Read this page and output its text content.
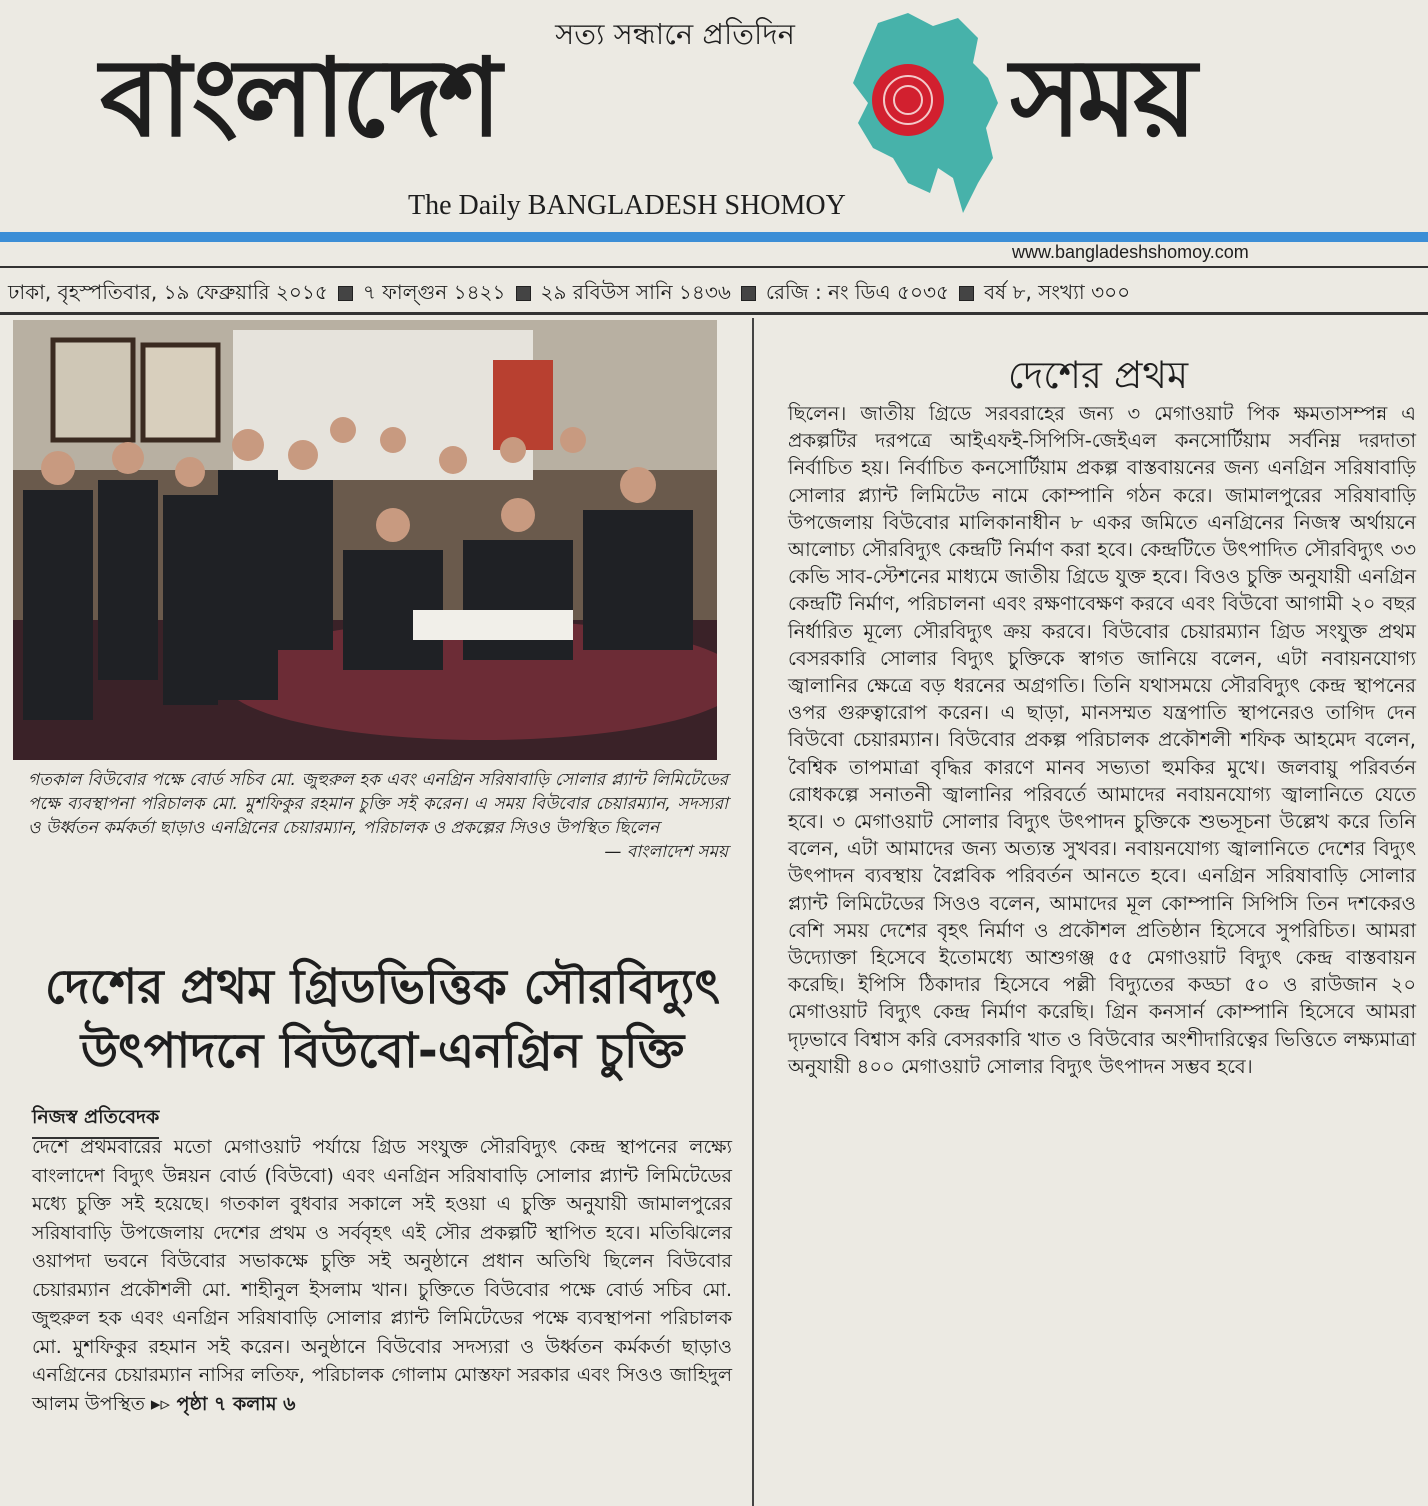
সত্য সন্ধানে প্রতিদিন
বাংলাদেশ	সময়
The Daily BANGLADESH SHOMOY
www.bangladeshshomoy.com
ঢাকা, বৃহস্পতিবার, ১৯ ফেব্রুয়ারি ২০১৫ ৭ ফাল্গুন ১৪২১ ২৯ রবিউস সানি ১৪৩৬ রেজি : নং ডিএ ৫০৩৫ বর্ষ ৮, সংখ্যা ৩০০
গতকাল বিউবোর পক্ষে বোর্ড সচিব মো. জুহুরুল হক এবং এনগ্রিন সরিষাবাড়ি সোলার প্ল্যান্ট লিমিটেডের পক্ষে ব্যবস্থাপনা পরিচালক মো. মুশফিকুর রহমান চুক্তি সই করেন। এ সময় বিউবোর চেয়ারম্যান, সদস্যরা ও উর্ধ্বতন কর্মকর্তা ছাড়াও এনগ্রিনের চেয়ারম্যান, পরিচালক ও প্রকল্পের সিওও উপস্থিত ছিলেন
— বাংলাদেশ সময়
দেশের প্রথম গ্রিডভিত্তিক সৌরবিদ্যুৎ
উৎপাদনে বিউবো-এনগ্রিন চুক্তি
নিজস্ব প্রতিবেদক
দেশে প্রথমবারের মতো মেগাওয়াট পর্যায়ে গ্রিড সংযুক্ত সৌরবিদ্যুৎ কেন্দ্র স্থাপনের লক্ষ্যে বাংলাদেশ বিদ্যুৎ উন্নয়ন বোর্ড (বিউবো) এবং এনগ্রিন সরিষাবাড়ি সোলার প্ল্যান্ট লিমিটেডের মধ্যে চুক্তি সই হয়েছে। গতকাল বুধবার সকালে সই হওয়া এ চুক্তি অনুযায়ী জামালপুরের সরিষাবাড়ি উপজেলায় দেশের প্রথম ও সর্ববৃহৎ এই সৌর প্রকল্পটি স্থাপিত হবে। মতিঝিলের ওয়াপদা ভবনে বিউবোর সভাকক্ষে চুক্তি সই অনুষ্ঠানে প্রধান অতিথি ছিলেন বিউবোর চেয়ারম্যান প্রকৌশলী মো. শাহীনুল ইসলাম খান। চুক্তিতে বিউবোর পক্ষে বোর্ড সচিব মো. জুহুরুল হক এবং এনগ্রিন সরিষাবাড়ি সোলার প্ল্যান্ট লিমিটেডের পক্ষে ব্যবস্থাপনা পরিচালক মো. মুশফিকুর রহমান সই করেন। অনুষ্ঠানে বিউবোর সদস্যরা ও উর্ধ্বতন কর্মকর্তা ছাড়াও এনগ্রিনের চেয়ারম্যান নাসির লতিফ, পরিচালক গোলাম মোস্তফা সরকার এবং সিওও জাহিদুল আলম উপস্থিত ▸▹ পৃষ্ঠা ৭ কলাম ৬
দেশের প্রথম
ছিলেন। জাতীয় গ্রিডে সরবরাহের জন্য ৩ মেগাওয়াট পিক ক্ষমতাসম্পন্ন এ প্রকল্পটির দরপত্রে আইএফই-সিপিসি-জেইএল কনসোর্টিয়াম সর্বনিম্ন দরদাতা নির্বাচিত হয়। নির্বাচিত কনসোর্টিয়াম প্রকল্প বাস্তবায়নের জন্য এনগ্রিন সরিষাবাড়ি সোলার প্ল্যান্ট লিমিটেড নামে কোম্পানি গঠন করে। জামালপুরের সরিষাবাড়ি উপজেলায় বিউবোর মালিকানাধীন ৮ একর জমিতে এনগ্রিনের নিজস্ব অর্থায়নে আলোচ্য সৌরবিদ্যুৎ কেন্দ্রটি নির্মাণ করা হবে। কেন্দ্রটিতে উৎপাদিত সৌরবিদ্যুৎ ৩৩ কেভি সাব-স্টেশনের মাধ্যমে জাতীয় গ্রিডে যুক্ত হবে। বিওও চুক্তি অনুযায়ী এনগ্রিন কেন্দ্রটি নির্মাণ, পরিচালনা এবং রক্ষণাবেক্ষণ করবে এবং বিউবো আগামী ২০ বছর নির্ধারিত মূল্যে সৌরবিদ্যুৎ ক্রয় করবে। বিউবোর চেয়ারম্যান গ্রিড সংযুক্ত প্রথম বেসরকারি সোলার বিদ্যুৎ চুক্তিকে স্বাগত জানিয়ে বলেন, এটা নবায়নযোগ্য জ্বালানির ক্ষেত্রে বড় ধরনের অগ্রগতি। তিনি যথাসময়ে সৌরবিদ্যুৎ কেন্দ্র স্থাপনের ওপর গুরুত্বারোপ করেন। এ ছাড়া, মানসম্মত যন্ত্রপাতি স্থাপনেরও তাগিদ দেন বিউবো চেয়ারম্যান। বিউবোর প্রকল্প পরিচালক প্রকৌশলী শফিক আহমেদ বলেন, বৈশ্বিক তাপমাত্রা বৃদ্ধির কারণে মানব সভ্যতা হুমকির মুখে। জলবায়ু পরিবর্তন রোধকল্পে সনাতনী জ্বালানির পরিবর্তে আমাদের নবায়নযোগ্য জ্বালানিতে যেতে হবে। ৩ মেগাওয়াট সোলার বিদ্যুৎ উৎপাদন চুক্তিকে শুভসূচনা উল্লেখ করে তিনি বলেন, এটা আমাদের জন্য অত্যন্ত সুখবর। নবায়নযোগ্য জ্বালানিতে দেশের বিদ্যুৎ উৎপাদন ব্যবস্থায় বৈপ্লবিক পরিবর্তন আনতে হবে। এনগ্রিন সরিষাবাড়ি সোলার প্ল্যান্ট লিমিটেডের সিওও বলেন, আমাদের মূল কোম্পানি সিপিসি তিন দশকেরও বেশি সময় দেশের বৃহৎ নির্মাণ ও প্রকৌশল প্রতিষ্ঠান হিসেবে সুপরিচিত। আমরা উদ্যোক্তা হিসেবে ইতোমধ্যে আশুগঞ্জ ৫৫ মেগাওয়াট বিদ্যুৎ কেন্দ্র বাস্তবায়ন করেছি। ইপিসি ঠিকাদার হিসেবে পল্লী বিদ্যুতের কড্ডা ৫০ ও রাউজান ২০ মেগাওয়াট বিদ্যুৎ কেন্দ্র নির্মাণ করেছি। গ্রিন কনসার্ন কোম্পানি হিসেবে আমরা দৃঢ়ভাবে বিশ্বাস করি বেসরকারি খাত ও বিউবোর অংশীদারিত্বের ভিত্তিতে লক্ষ্যমাত্রা অনুযায়ী ৪০০ মেগাওয়াট সোলার বিদ্যুৎ উৎপাদন সম্ভব হবে।
